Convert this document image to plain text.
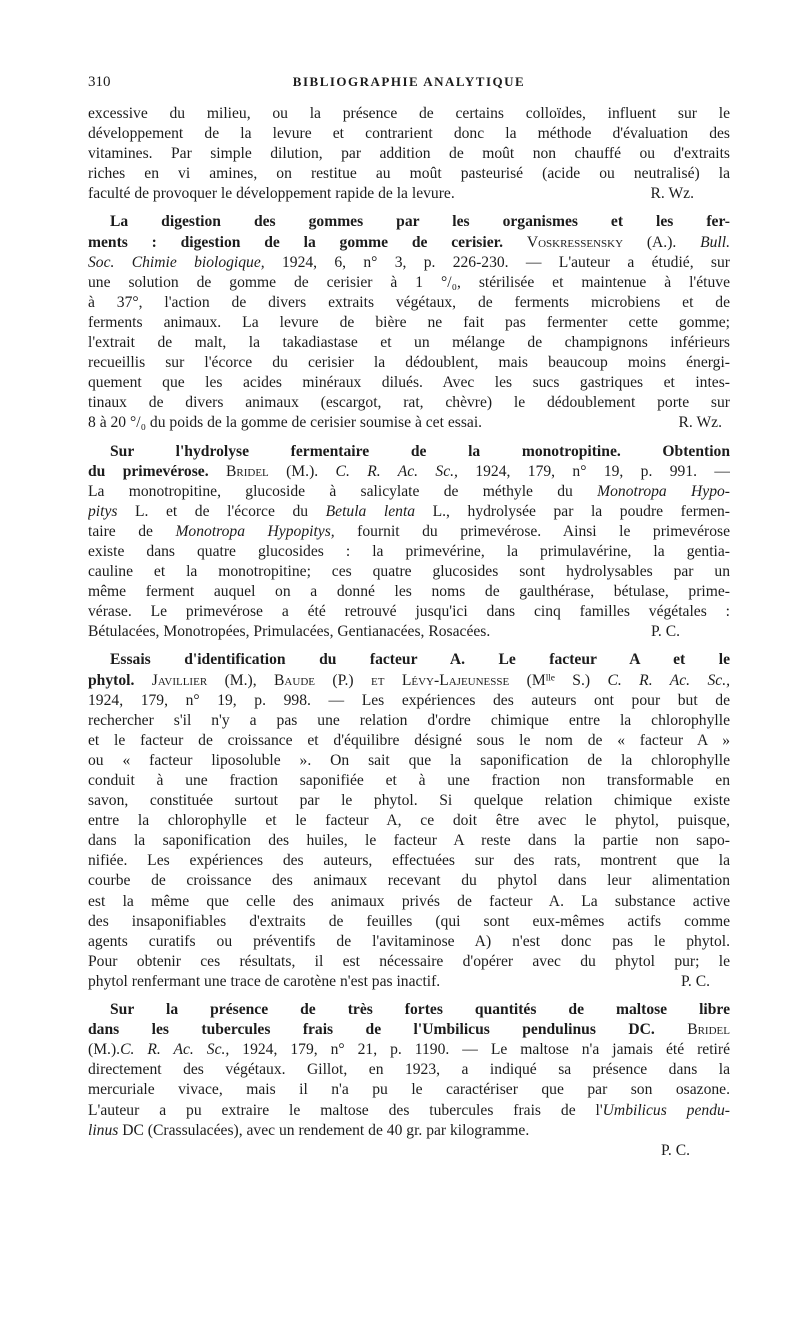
310	BIBLIOGRAPHIE ANALYTIQUE
excessive du milieu, ou la présence de certains colloïdes, influent sur le
développement de la levure et contrarient donc la méthode d'évaluation des
vitamines. Par simple dilution, par addition de moût non chauffé ou d'extraits
riches en vi amines, on restitue au moût pasteurisé (acide ou neutralisé) la
faculté de provoquer le développement rapide de la levure.	R. Wz.
La digestion des gommes par les organismes et les fer-
ments : digestion de la gomme de cerisier. Voskressensky (A.). Bull.
Soc. Chimie biologique, 1924, 6, n° 3, p. 226-230. — L'auteur a étudié, sur
une solution de gomme de cerisier à 1 °/₀, stérilisée et maintenue à l'étuve
à 37°, l'action de divers extraits végétaux, de ferments microbiens et de
ferments animaux. La levure de bière ne fait pas fermenter cette gomme;
l'extrait de malt, la takadiastase et un mélange de champignons inférieurs
recueillis sur l'écorce du cerisier la dédoublent, mais beaucoup moins énergi-
quement que les acides minéraux dilués. Avec les sucs gastriques et intes-
tinaux de divers animaux (escargot, rat, chèvre) le dédoublement porte sur
8 à 20 °/₀ du poids de la gomme de cerisier soumise à cet essai.	R. Wz.
Sur l'hydrolyse fermentaire de la monotropitine. Obtention
du primevérose. Bridel (M.). C. R. Ac. Sc., 1924, 179, n° 19, p. 991. —
La monotropitine, glucoside à salicylate de méthyle du Monotropa Hypo-
pitys L. et de l'écorce du Betula lenta L., hydrolysée par la poudre fermen-
taire de Monotropa Hypopitys, fournit du primevérose. Ainsi le primevérose
existe dans quatre glucosides : la primevérine, la primulavérine, la gentia-
cauline et la monotropitine; ces quatre glucosides sont hydrolysables par un
même ferment auquel on a donné les noms de gaulthérase, bétulase, prime-
vérase. Le primevérose a été retrouvé jusqu'ici dans cinq familles végétales :
Bétulacées, Monotropées, Primulacées, Gentianacées, Rosacées.	P. C.
Essais d'identification du facteur A. Le facteur A et le
phytol. Javillier (M.), Baude (P.) et Lévy-Lajeunesse (Mˡˡᵉ S.) C. R. Ac. Sc.,
1924, 179, n° 19, p. 998. — Les expériences des auteurs ont pour but de
rechercher s'il n'y a pas une relation d'ordre chimique entre la chlorophylle
et le facteur de croissance et d'équilibre désigné sous le nom de « facteur A »
ou « facteur liposoluble ». On sait que la saponification de la chlorophylle
conduit à une fraction saponifiée et à une fraction non transformable en
savon, constituée surtout par le phytol. Si quelque relation chimique existe
entre la chlorophylle et le facteur A, ce doit être avec le phytol, puisque,
dans la saponification des huiles, le facteur A reste dans la partie non sapo-
nifiée. Les expériences des auteurs, effectuées sur des rats, montrent que la
courbe de croissance des animaux recevant du phytol dans leur alimentation
est la même que celle des animaux privés de facteur A. La substance active
des insaponifiables d'extraits de feuilles (qui sont eux-mêmes actifs comme
agents curatifs ou préventifs de l'avitaminose A) n'est donc pas le phytol.
Pour obtenir ces résultats, il est nécessaire d'opérer avec du phytol pur; le
phytol renfermant une trace de carotène n'est pas inactif.	P. C.
Sur la présence de très fortes quantités de maltose libre
dans les tubercules frais de l'Umbilicus pendulinus DC. Bridel
(M.).C. R. Ac. Sc., 1924, 179, n° 21, p. 1190. — Le maltose n'a jamais été retiré
directement des végétaux. Gillot, en 1923, a indiqué sa présence dans la
mercuriale vivace, mais il n'a pu le caractériser que par son osazone.
L'auteur a pu extraire le maltose des tubercules frais de l'Umbilicus pendu-
linus DC (Crassulacées), avec un rendement de 40 gr. par kilogramme.
P. C.
